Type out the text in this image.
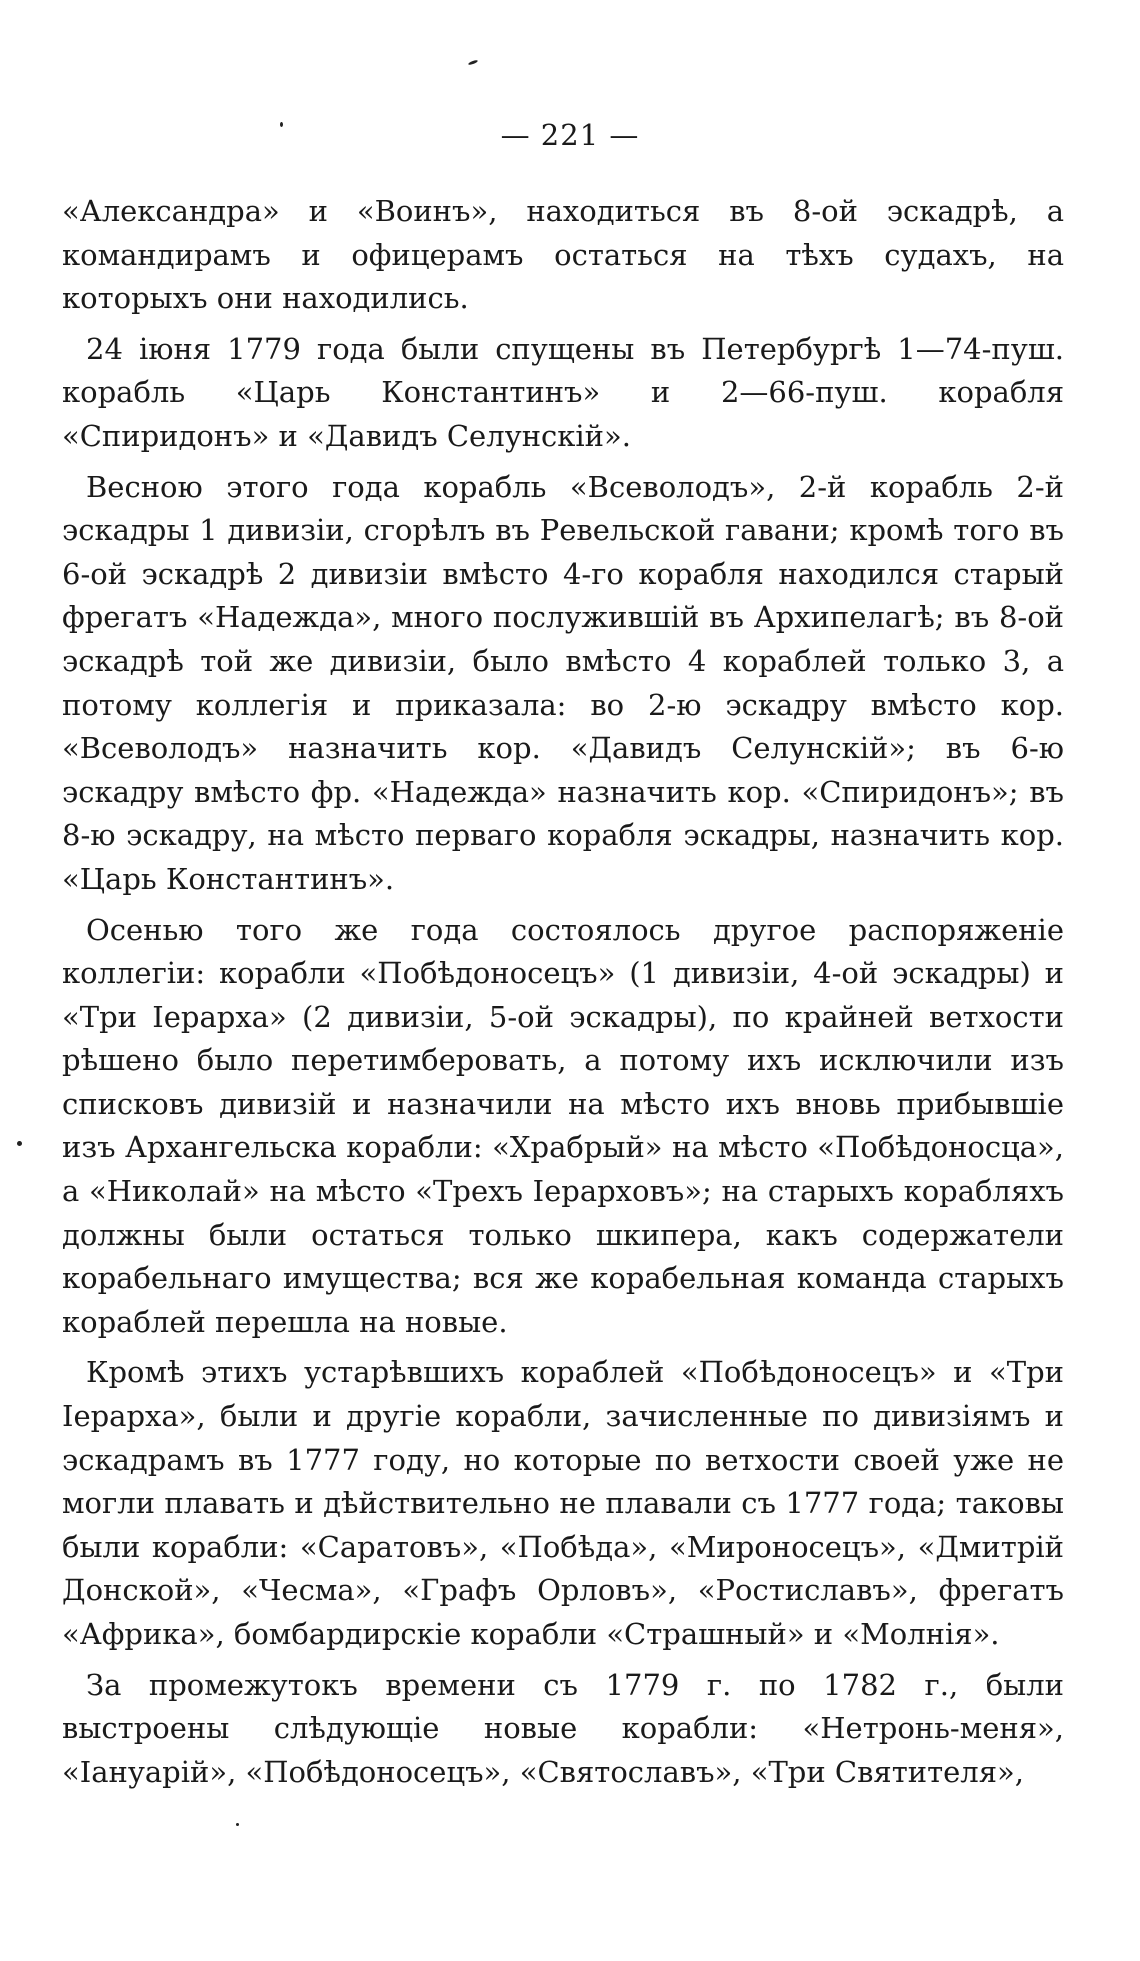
— 221 —

«Александра» и «Воинъ», находиться въ 8-ой эскадрѣ, а командирамъ и офицерамъ остаться на тѣхъ судахъ, на которыхъ они находились.

24 іюня 1779 года были спущены въ Петербургѣ 1—74-пуш. корабль «Царь Константинъ» и 2—66-пуш. корабля «Спиридонъ» и «Давидъ Селунскій».

Весною этого года корабль «Всеволодъ», 2-й корабль 2-й эскадры 1 дивизіи, сгорѣлъ въ Ревельской гавани; кромѣ того въ 6-ой эскадрѣ 2 дивизіи вмѣсто 4-го корабля находился старый фрегатъ «Надежда», много послужившій въ Архипелагѣ; въ 8-ой эскадрѣ той же дивизіи, было вмѣсто 4 кораблей только 3, а потому коллегія и приказала: во 2-ю эскадру вмѣсто кор. «Всеволодъ» назначить кор. «Давидъ Селунскій»; въ 6-ю эскадру вмѣсто фр. «Надежда» назначить кор. «Спиридонъ»; въ 8-ю эскадру, на мѣсто перваго корабля эскадры, назначить кор. «Царь Константинъ».

Осенью того же года состоялось другое распоряженіе коллегіи: корабли «Побѣдоносецъ» (1 дивизіи, 4-ой эскадры) и «Три Іерарха» (2 дивизіи, 5-ой эскадры), по крайней ветхости рѣшено было перетимберовать, а потому ихъ исключили изъ списковъ дивизій и назначили на мѣсто ихъ вновь прибывшіе изъ Архангельска корабли: «Храбрый» на мѣсто «Побѣдоносца», а «Николай» на мѣсто «Трехъ Іерарховъ»; на старыхъ корабляхъ должны были остаться только шкипера, какъ содержатели корабельнаго имущества; вся же корабельная команда старыхъ кораблей перешла на новые.

Кромѣ этихъ устарѣвшихъ кораблей «Побѣдоносецъ» и «Три Іерарха», были и другіе корабли, зачисленные по дивизіямъ и эскадрамъ въ 1777 году, но которые по ветхости своей уже не могли плавать и дѣйствительно не плавали съ 1777 года; таковы были корабли: «Саратовъ», «Побѣда», «Мироносецъ», «Дмитрій Донской», «Чесма», «Графъ Орловъ», «Ростиславъ», фрегатъ «Африка», бомбардирскіе корабли «Страшный» и «Молнія».

За промежутокъ времени съ 1779 г. по 1782 г., были выстроены слѣдующіе новые корабли: «Нетронь-меня», «Іануарій», «Побѣдоносецъ», «Святославъ», «Три Святителя»,
